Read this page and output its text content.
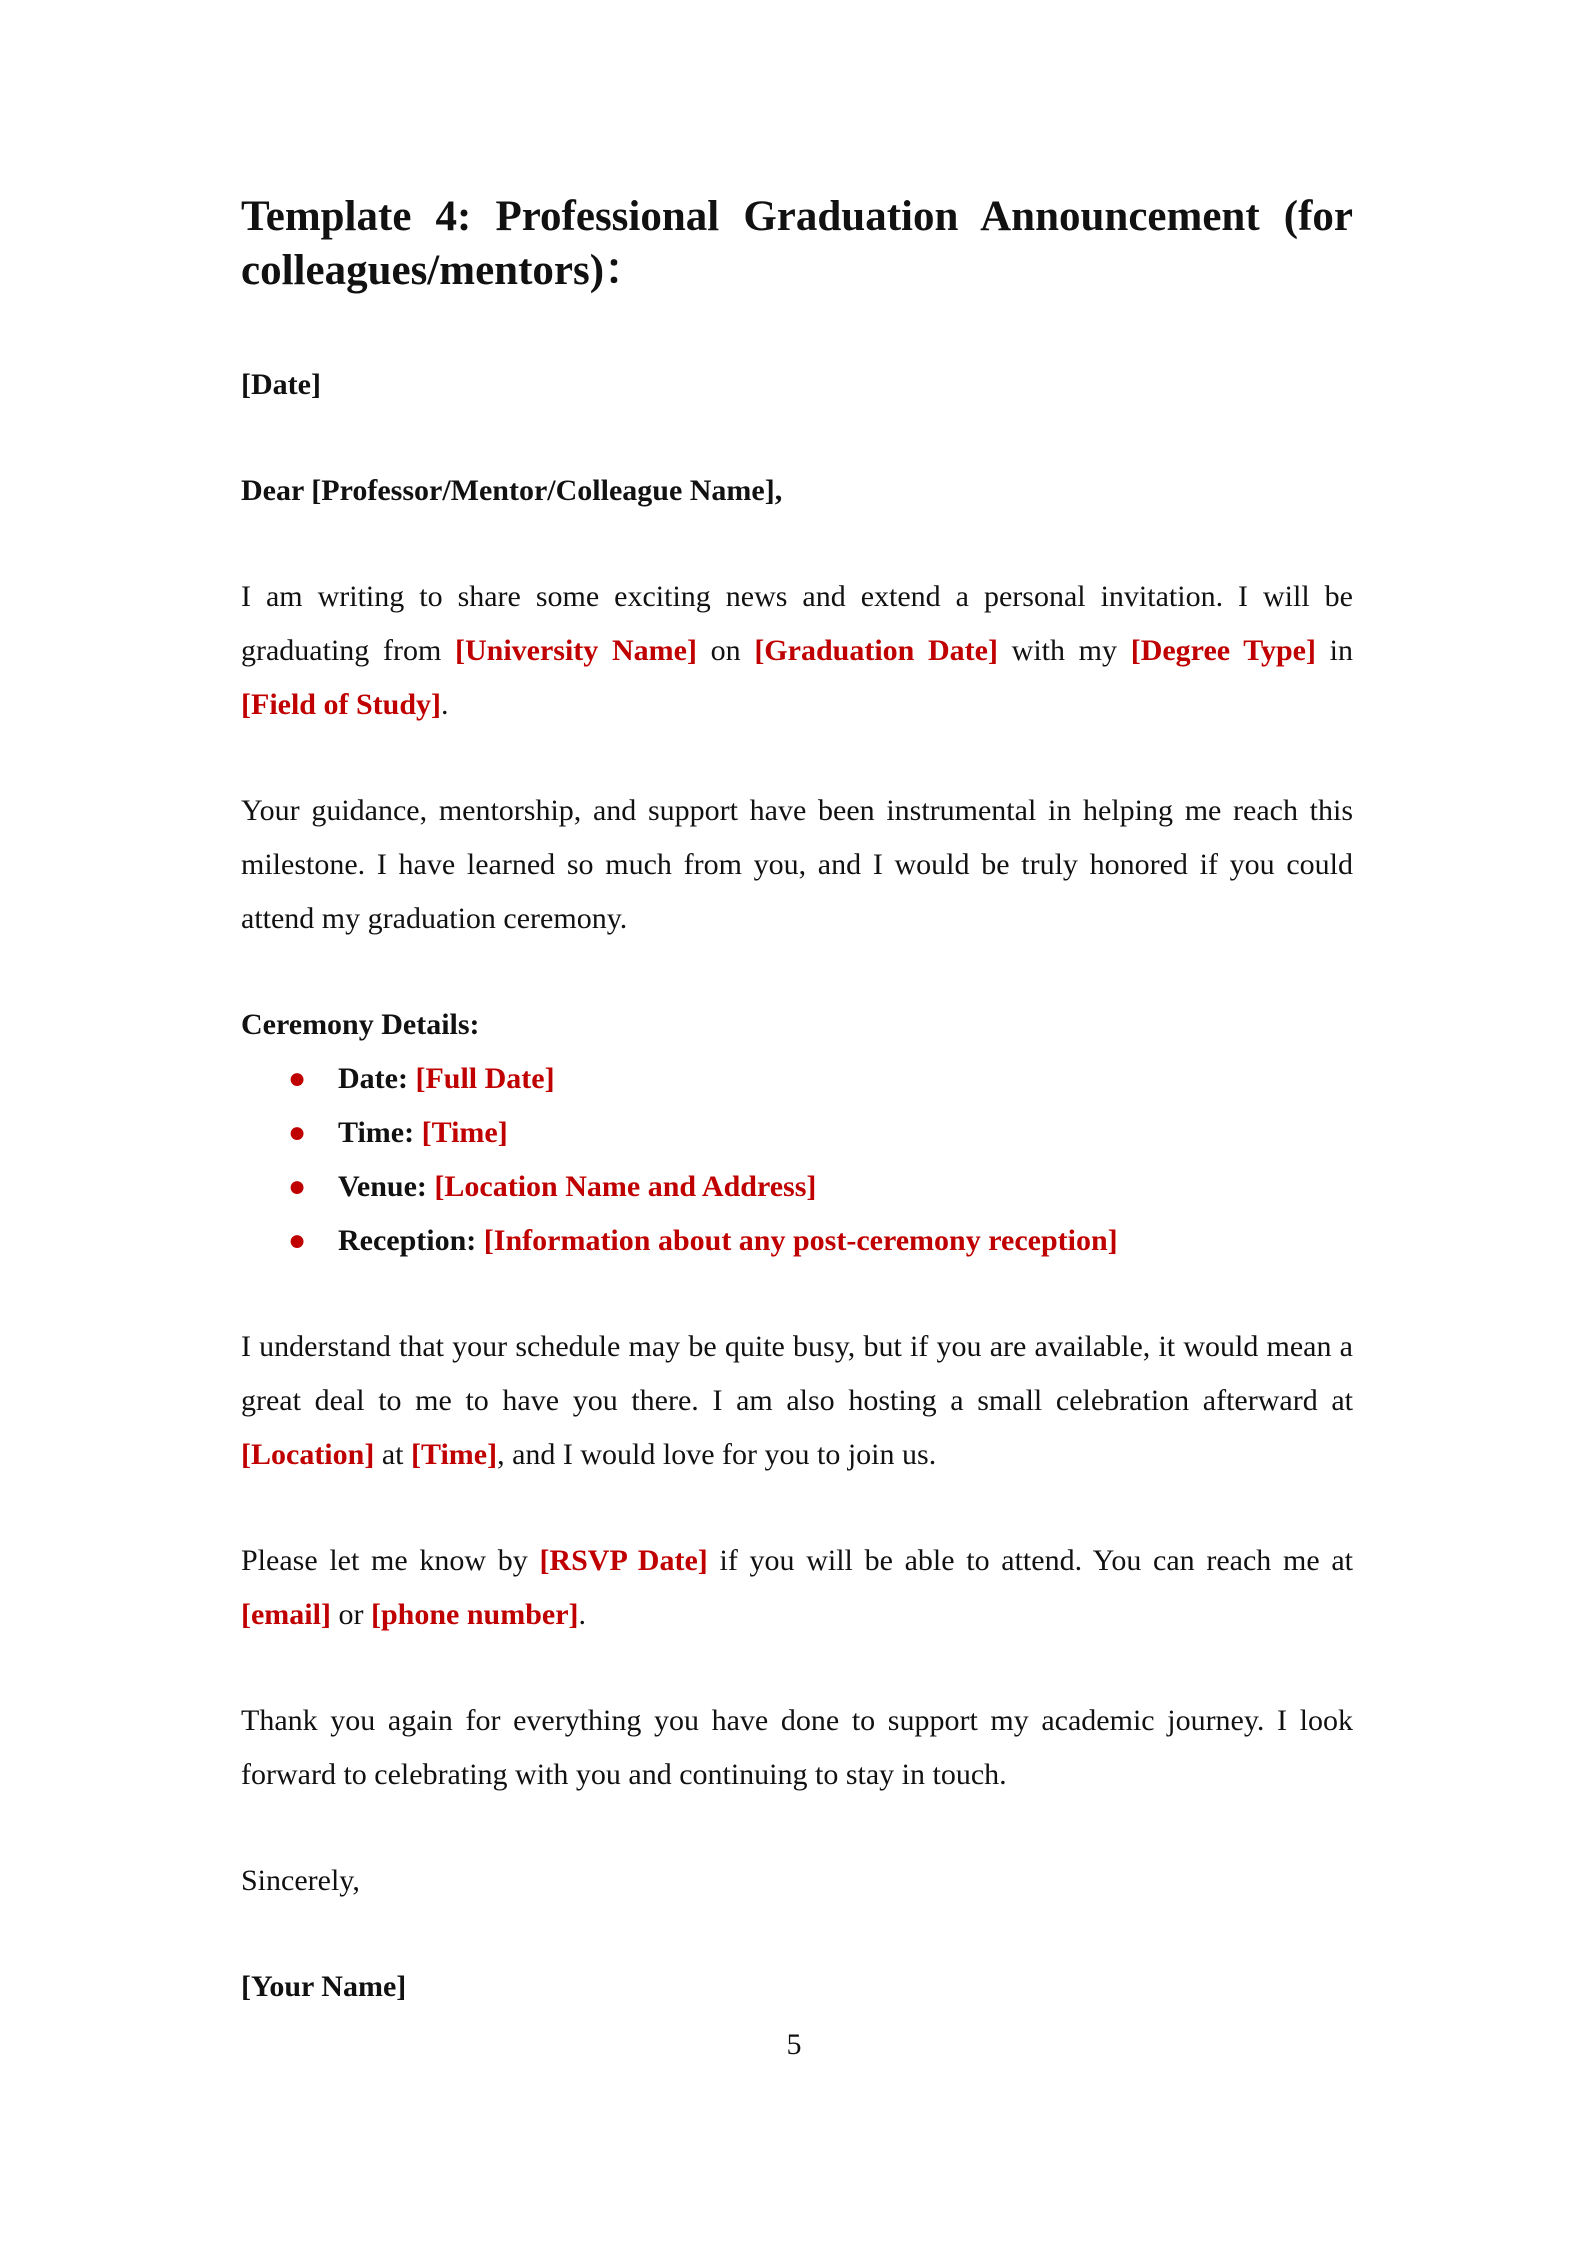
Template 4: Professional Graduation Announcement (for colleagues/mentors)：

[Date]

Dear [Professor/Mentor/Colleague Name],

I am writing to share some exciting news and extend a personal invitation. I will be graduating from [University Name] on [Graduation Date] with my [Degree Type] in [Field of Study].

Your guidance, mentorship, and support have been instrumental in helping me reach this milestone. I have learned so much from you, and I would be truly honored if you could attend my graduation ceremony.

Ceremony Details:

● Date: [Full Date]
● Time: [Time]
● Venue: [Location Name and Address]
● Reception: [Information about any post-ceremony reception]

I understand that your schedule may be quite busy, but if you are available, it would mean a great deal to me to have you there. I am also hosting a small celebration afterward at [Location] at [Time], and I would love for you to join us.

Please let me know by [RSVP Date] if you will be able to attend. You can reach me at [email] or [phone number].

Thank you again for everything you have done to support my academic journey. I look forward to celebrating with you and continuing to stay in touch.

Sincerely,

[Your Name]

5
